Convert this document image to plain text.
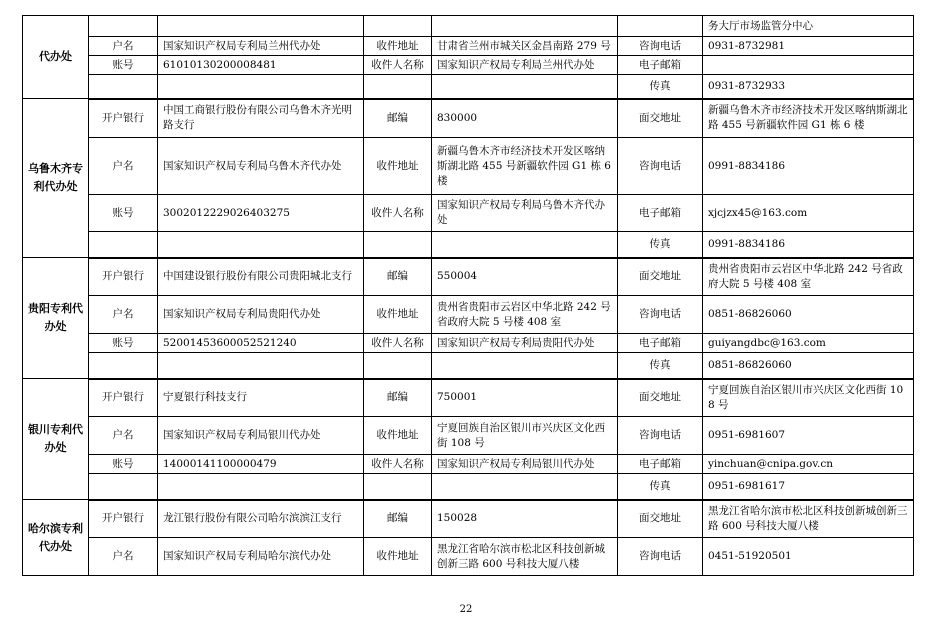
代办处						务大厅市场监管分中心
	户名	国家知识产权局专利局兰州代办处	收件地址	甘肃省兰州市城关区金昌南路 279 号	咨询电话	0931-8732981
	账号	61010130200008481	收件人名称	国家知识产权局专利局兰州代办处	电子邮箱	
					传真	0931-8732933
乌鲁木齐专利代办处	开户银行	中国工商银行股份有限公司乌鲁木齐光明路支行	邮编	830000	面交地址	新疆乌鲁木齐市经济技术开发区喀纳斯湖北路 455 号新疆软件园 G1 栋 6 楼
	户名	国家知识产权局专利局乌鲁木齐代办处	收件地址	新疆乌鲁木齐市经济技术开发区喀纳斯湖北路 455 号新疆软件园 G1 栋 6 楼	咨询电话	0991-8834186
	账号	3002012229026403275	收件人名称	国家知识产权局专利局乌鲁木齐代办处	电子邮箱	xjcjzx45@163.com
					传真	0991-8834186
贵阳专利代办处	开户银行	中国建设银行股份有限公司贵阳城北支行	邮编	550004	面交地址	贵州省贵阳市云岩区中华北路 242 号省政府大院 5 号楼 408 室
	户名	国家知识产权局专利局贵阳代办处	收件地址	贵州省贵阳市云岩区中华北路 242 号省政府大院 5 号楼 408 室	咨询电话	0851-86826060
	账号	52001453600052521240	收件人名称	国家知识产权局专利局贵阳代办处	电子邮箱	guiyangdbc@163.com
					传真	0851-86826060
银川专利代办处	开户银行	宁夏银行科技支行	邮编	750001	面交地址	宁夏回族自治区银川市兴庆区文化西街 108 号
	户名	国家知识产权局专利局银川代办处	收件地址	宁夏回族自治区银川市兴庆区文化西街 108 号	咨询电话	0951-6981607
	账号	14000141100000479	收件人名称	国家知识产权局专利局银川代办处	电子邮箱	yinchuan@cnipa.gov.cn
					传真	0951-6981617
哈尔滨专利代办处	开户银行	龙江银行股份有限公司哈尔滨滨江支行	邮编	150028	面交地址	黑龙江省哈尔滨市松北区科技创新城创新三路 600 号科技大厦八楼
	户名	国家知识产权局专利局哈尔滨代办处	收件地址	黑龙江省哈尔滨市松北区科技创新城创新三路 600 号科技大厦八楼	咨询电话	0451-51920501
22
